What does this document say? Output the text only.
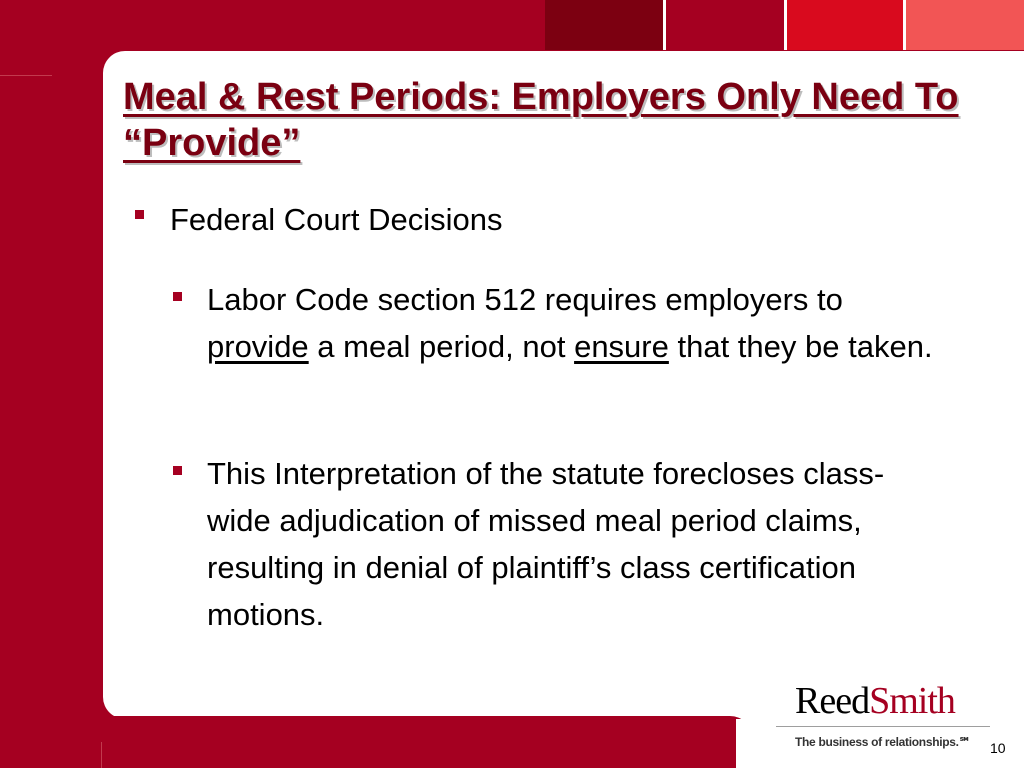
Meal & Rest Periods: Employers Only Need To “Provide”
Federal Court Decisions
Labor Code section 512 requires employers to provide a meal period, not ensure that they be taken.
This Interpretation of the statute forecloses class-wide adjudication of missed meal period claims, resulting in denial of plaintiff’s class certification motions.
ReedSmith
The business of relationships.℠ 10
